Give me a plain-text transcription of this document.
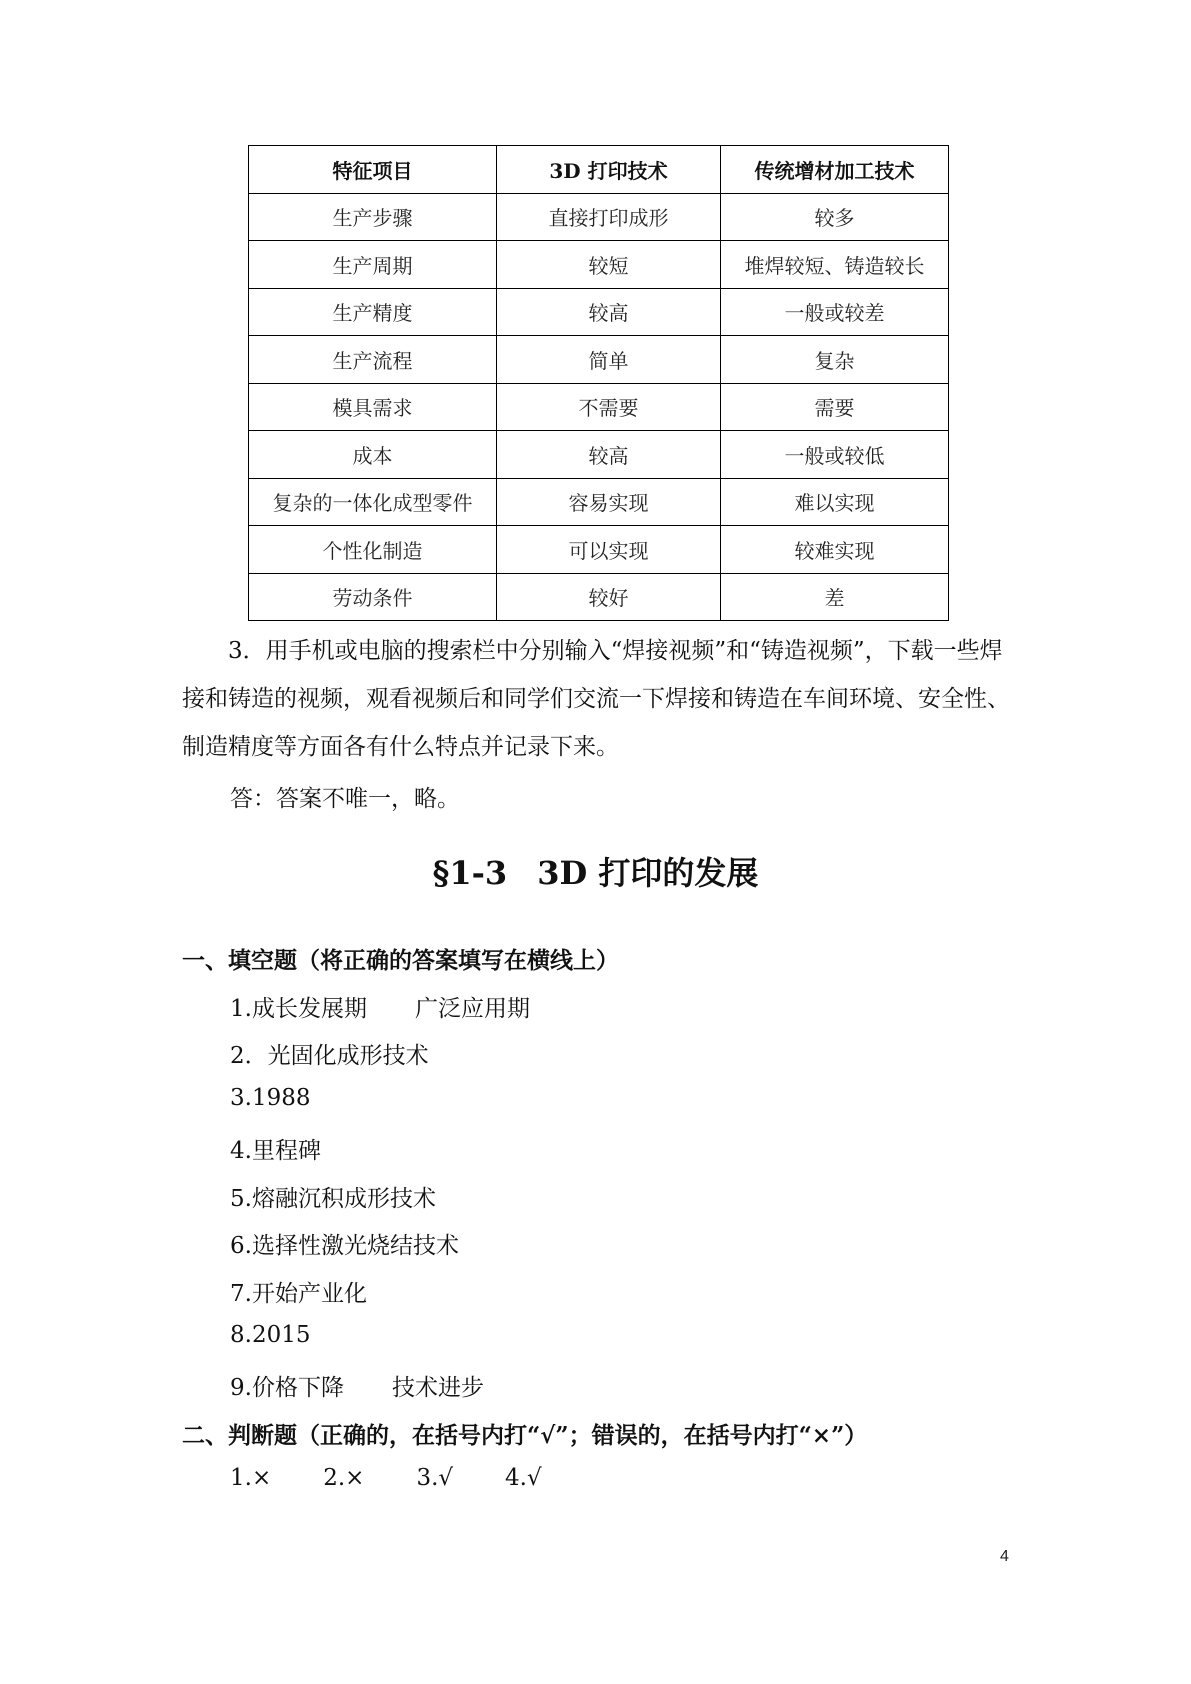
特征项目	3D 打印技术	传统增材加工技术
生产步骤	直接打印成形	较多
生产周期	较短	堆焊较短、铸造较长
生产精度	较高	一般或较差
生产流程	简单	复杂
模具需求	不需要	需要
成本	较高	一般或较低
复杂的一体化成型零件	容易实现	难以实现
个性化制造	可以实现	较难实现
劳动条件	较好	差
3．用手机或电脑的搜索栏中分别输入“焊接视频”和“铸造视频”，下载一些焊接和铸造的视频，观看视频后和同学们交流一下焊接和铸造在车间环境、安全性、制造精度等方面各有什么特点并记录下来。
答：答案不唯一，略。
§1-3 3D 打印的发展
一、填空题（将正确的答案填写在横线上）
1.成长发展期 广泛应用期
2．光固化成形技术
3.1988
4.里程碑
5.熔融沉积成形技术
6.选择性激光烧结技术
7.开始产业化
8.2015
9.价格下降 技术进步
二、判断题（正确的，在括号内打“√”；错误的，在括号内打“×”）
1.× 2.× 3.√ 4.√
4
